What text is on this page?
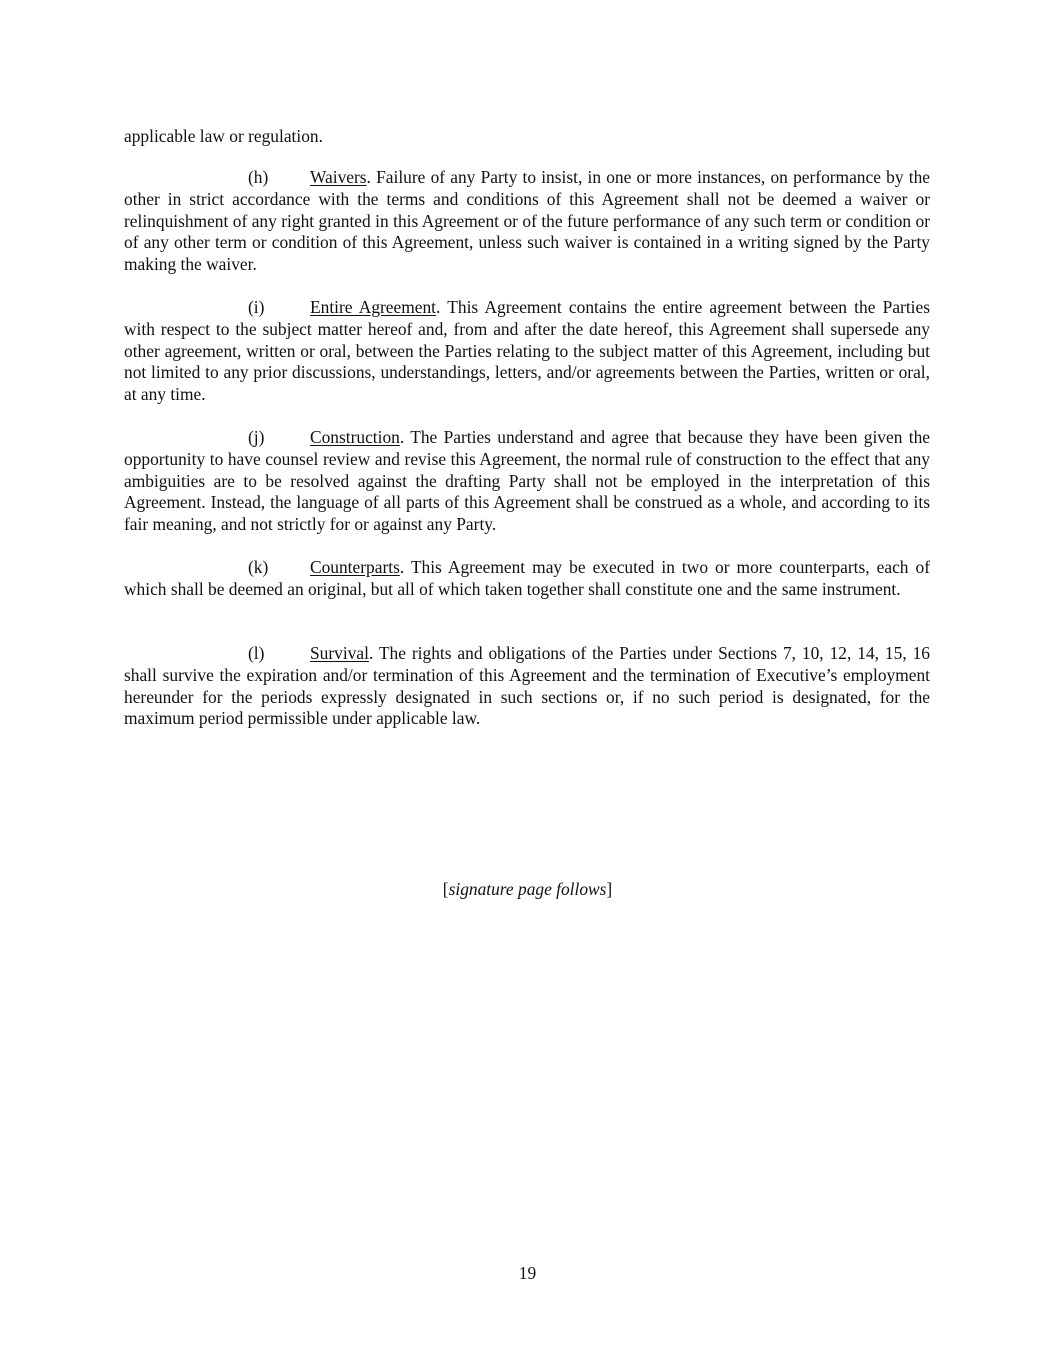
applicable law or regulation.

(h) Waivers. Failure of any Party to insist, in one or more instances, on performance by the other in strict accordance with the terms and conditions of this Agreement shall not be deemed a waiver or relinquishment of any right granted in this Agreement or of the future performance of any such term or condition or of any other term or condition of this Agreement, unless such waiver is contained in a writing signed by the Party making the waiver.

(i)	Entire Agreement. This Agreement contains the entire agreement between the Parties with respect to the subject matter hereof and, from and after the date hereof, this Agreement shall supersede any other agreement, written or oral, between the Parties relating to the subject matter of this Agreement, including but not limited to any prior discussions, understandings, letters, and/or agreements between the Parties, written or oral, at any time.

(j)	Construction. The Parties understand and agree that because they have been given the opportunity to have counsel review and revise this Agreement, the normal rule of construction to the effect that any ambiguities are to be resolved against the drafting Party shall not be employed in the interpretation of this Agreement. Instead, the language of all parts of this Agreement shall be construed as a whole, and according to its fair meaning, and not strictly for or against any Party.

(k) Counterparts. This Agreement may be executed in two or more counterparts, each of which shall be deemed an original, but all of which taken together shall constitute one and the same instrument.

(l)	Survival. The rights and obligations of the Parties under Sections 7, 10, 12, 14, 15, 16 shall survive the expiration and/or termination of this Agreement and the termination of Executive’s employment hereunder for the periods expressly designated in such sections or, if no such period is designated, for the maximum period permissible under applicable law.

[signature page follows]

19
